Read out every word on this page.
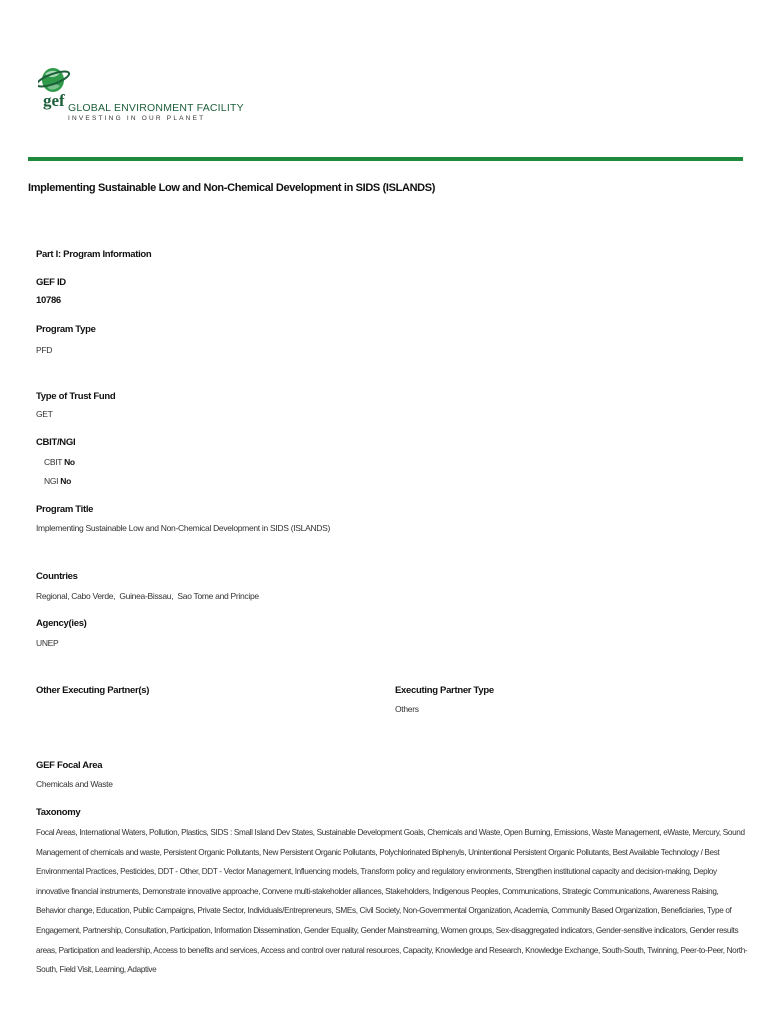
gef GLOBAL ENVIRONMENT FACILITY
INVESTING IN OUR PLANET
Implementing Sustainable Low and Non-Chemical Development in SIDS (ISLANDS)
Part I: Program Information
GEF ID
10786
Program Type
PFD
Type of Trust Fund
GET
CBIT/NGI
CBIT No
NGI No
Program Title
Implementing Sustainable Low and Non-Chemical Development in SIDS (ISLANDS)
Countries
Regional, Cabo Verde,  Guinea-Bissau,  Sao Tome and Principe
Agency(ies)
UNEP
Other Executing Partner(s)	Executing Partner Type
Others
GEF Focal Area
Chemicals and Waste
Taxonomy
Focal Areas, International Waters, Pollution, Plastics, SIDS : Small Island Dev States, Sustainable Development Goals, Chemicals and Waste, Open Burning, Emissions, Waste Management, eWaste, Mercury, Sound Management of chemicals and waste, Persistent Organic Pollutants, New Persistent Organic Pollutants, Polychlorinated Biphenyls, Unintentional Persistent Organic Pollutants, Best Available Technology / Best Environmental Practices, Pesticides, DDT - Other, DDT - Vector Management, Influencing models, Transform policy and regulatory environments, Strengthen institutional capacity and decision-making, Deploy innovative financial instruments, Demonstrate innovative approache, Convene multi-stakeholder alliances, Stakeholders, Indigenous Peoples, Communications, Strategic Communications, Awareness Raising, Behavior change, Education, Public Campaigns, Private Sector, Individuals/Entrepreneurs, SMEs, Civil Society, Non-Governmental Organization, Academia, Community Based Organization, Beneficiaries, Type of Engagement, Partnership, Consultation, Participation, Information Dissemination, Gender Equality, Gender Mainstreaming, Women groups, Sex-disaggregated indicators, Gender-sensitive indicators, Gender results areas, Participation and leadership, Access to benefits and services, Access and control over natural resources, Capacity, Knowledge and Research, Knowledge Exchange, South-South, Twinning, Peer-to-Peer, North-South, Field Visit, Learning, Adaptive
